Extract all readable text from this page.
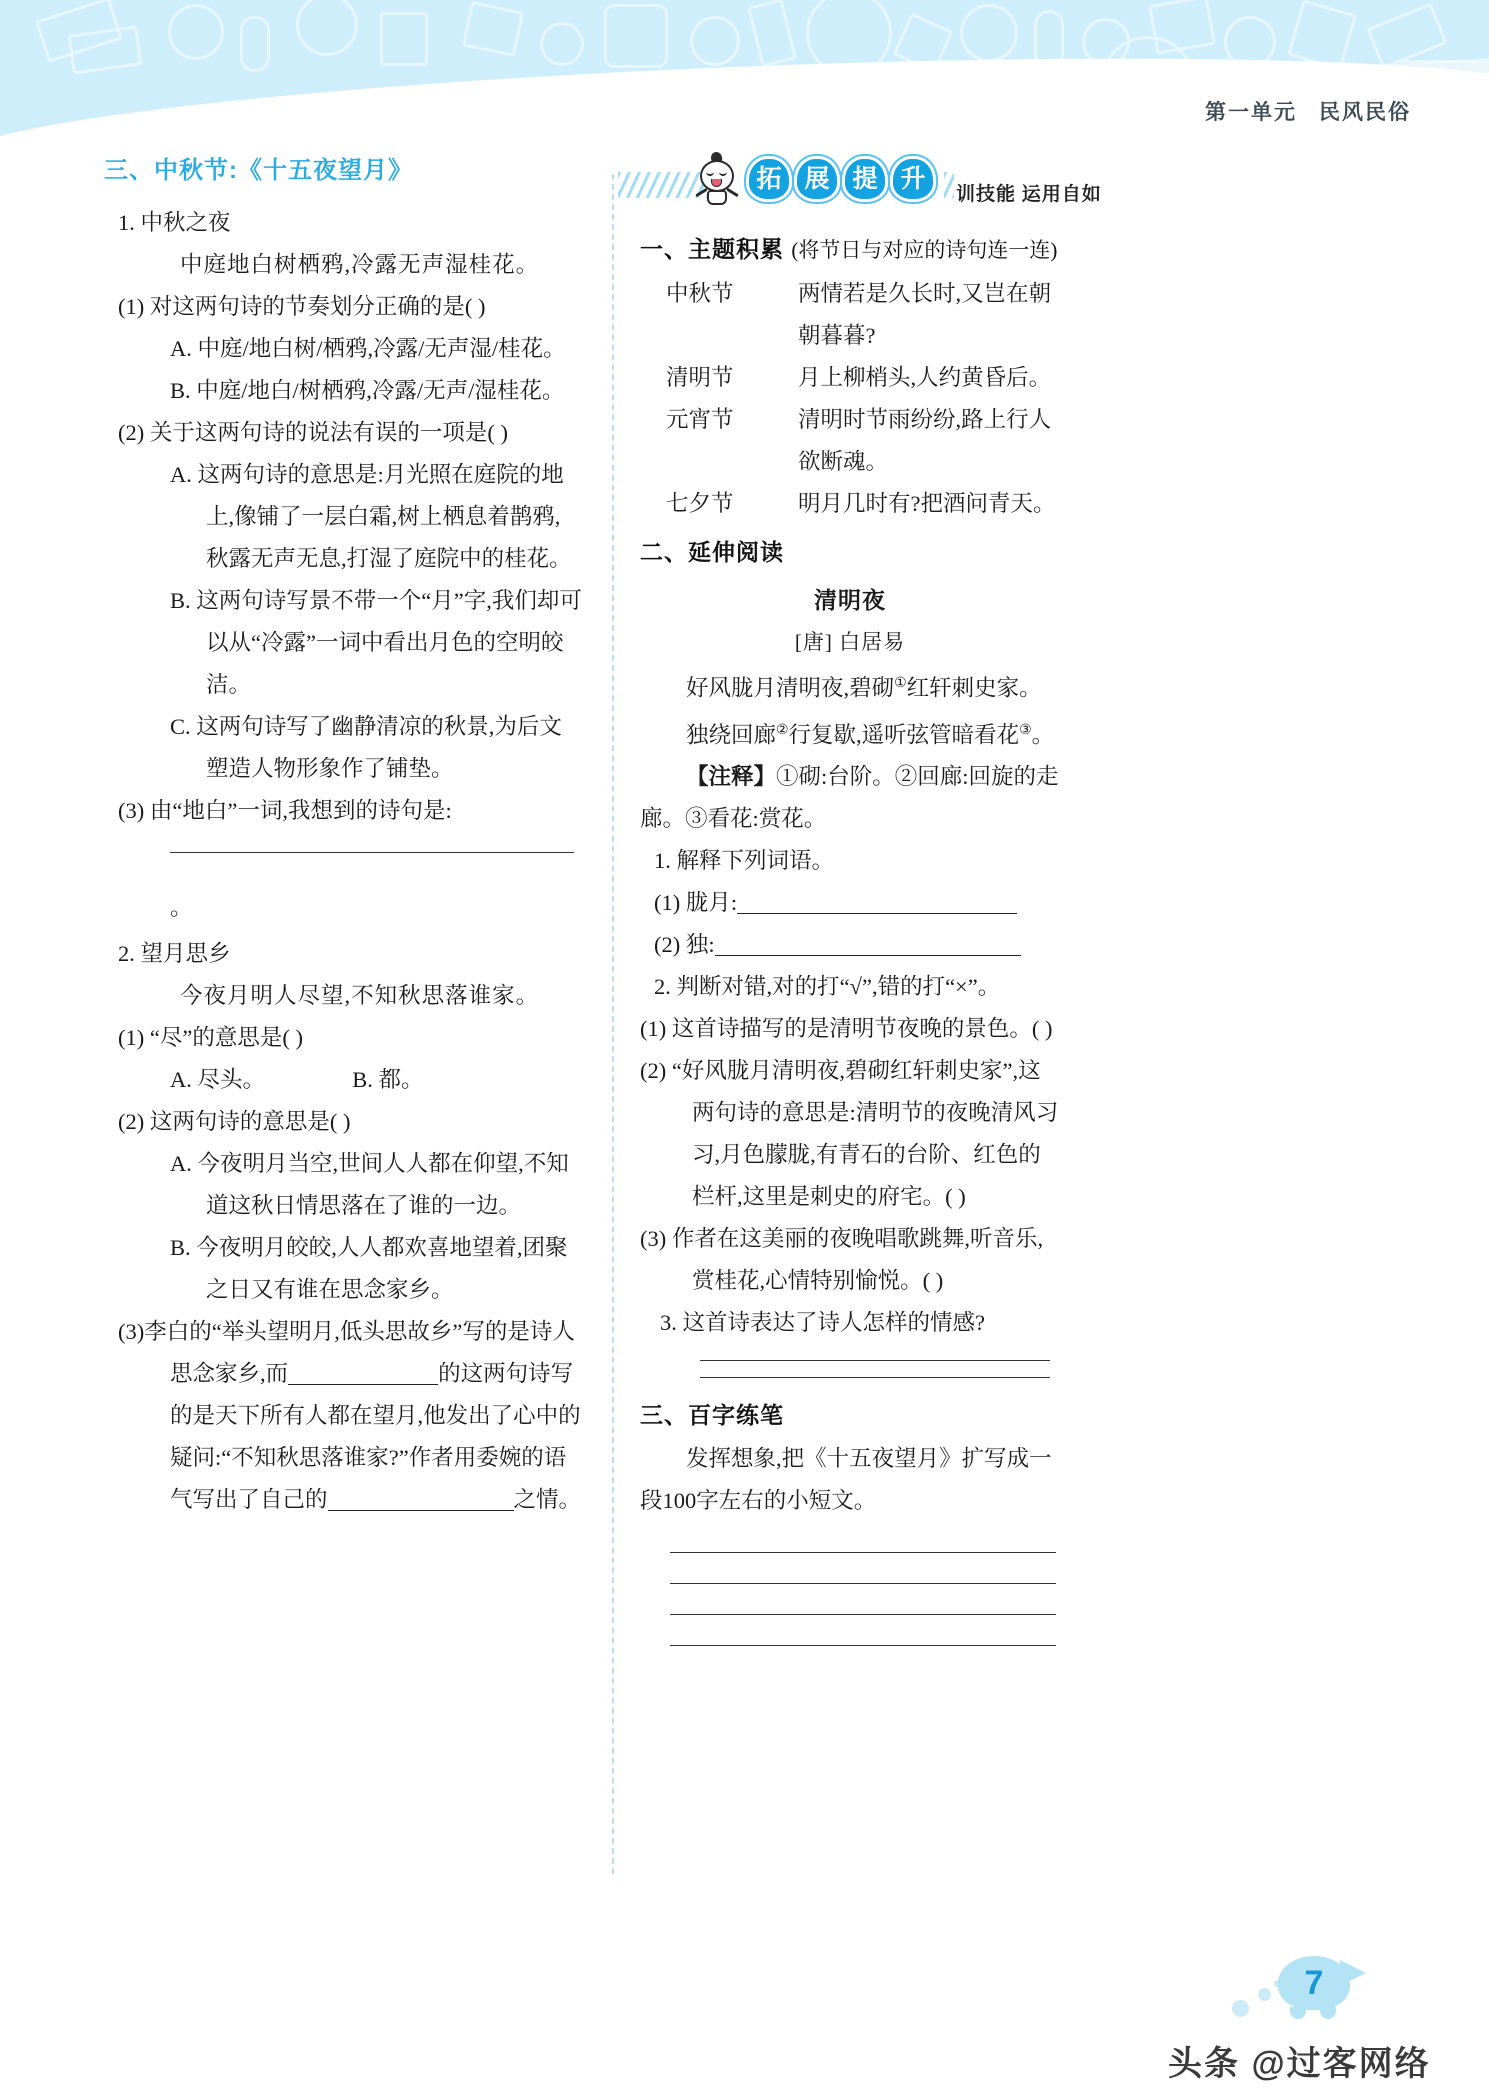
第一单元 民风民俗
三、中秋节:《十五夜望月》
1. 中秋之夜
中庭地白树栖鸦,冷露无声湿桂花。
(1) 对这两句诗的节奏划分正确的是( )
A. 中庭/地白树/栖鸦,冷露/无声湿/桂花。
B. 中庭/地白/树栖鸦,冷露/无声/湿桂花。
(2) 关于这两句诗的说法有误的一项是( )
A. 这两句诗的意思是:月光照在庭院的地上,像铺了一层白霜,树上栖息着鹊鸦,秋露无声无息,打湿了庭院中的桂花。
B. 这两句诗写景不带一个“月”字,我们却可以从“冷露”一词中看出月色的空明皎洁。
C. 这两句诗写了幽静清凉的秋景,为后文塑造人物形象作了铺垫。
(3) 由“地白”一词,我想到的诗句是:
。
2. 望月思乡
今夜月明人尽望,不知秋思落谁家。
(1) “尽”的意思是( )
A. 尽头。	B. 都。
(2) 这两句诗的意思是( )
A. 今夜明月当空,世间人人都在仰望,不知道这秋日情思落在了谁的一边。
B. 今夜明月皎皎,人人都欢喜地望着,团聚之日又有谁在思念家乡。
(3)李白的“举头望明月,低头思故乡”写的是诗人思念家乡,而	的这两句诗写的是天下所有人都在望月,他发出了心中的疑问:“不知秋思落谁家?”作者用委婉的语气写出了自己的	之情。
拓 展 提 升
训技能 运用自如
一、主题积累 (将节日与对应的诗句连一连)
中秋节	两情若是久长时,又岂在朝朝暮暮?
清明节	月上柳梢头,人约黄昏后。
元宵节	清明时节雨纷纷,路上行人欲断魂。
七夕节	明月几时有?把酒问青天。
二、延伸阅读
清明夜
[唐] 白居易
好风胧月清明夜,碧砌①红轩刺史家。
独绕回廊②行复歇,遥听弦管暗看花③。
【注释】①砌:台阶。②回廊:回旋的走廊。③看花:赏花。
1. 解释下列词语。
(1) 胧月:
(2) 独:
2. 判断对错,对的打“√”,错的打“×”。
(1) 这首诗描写的是清明节夜晚的景色。( )
(2) “好风胧月清明夜,碧砌红轩刺史家”,这两句诗的意思是:清明节的夜晚清风习习,月色朦胧,有青石的台阶、红色的栏杆,这里是刺史的府宅。( )
(3) 作者在这美丽的夜晚唱歌跳舞,听音乐,赏桂花,心情特别愉悦。( )
3. 这首诗表达了诗人怎样的情感?
三、百字练笔
发挥想象,把《十五夜望月》扩写成一段100字左右的小短文。
7
头条 @过客网络
